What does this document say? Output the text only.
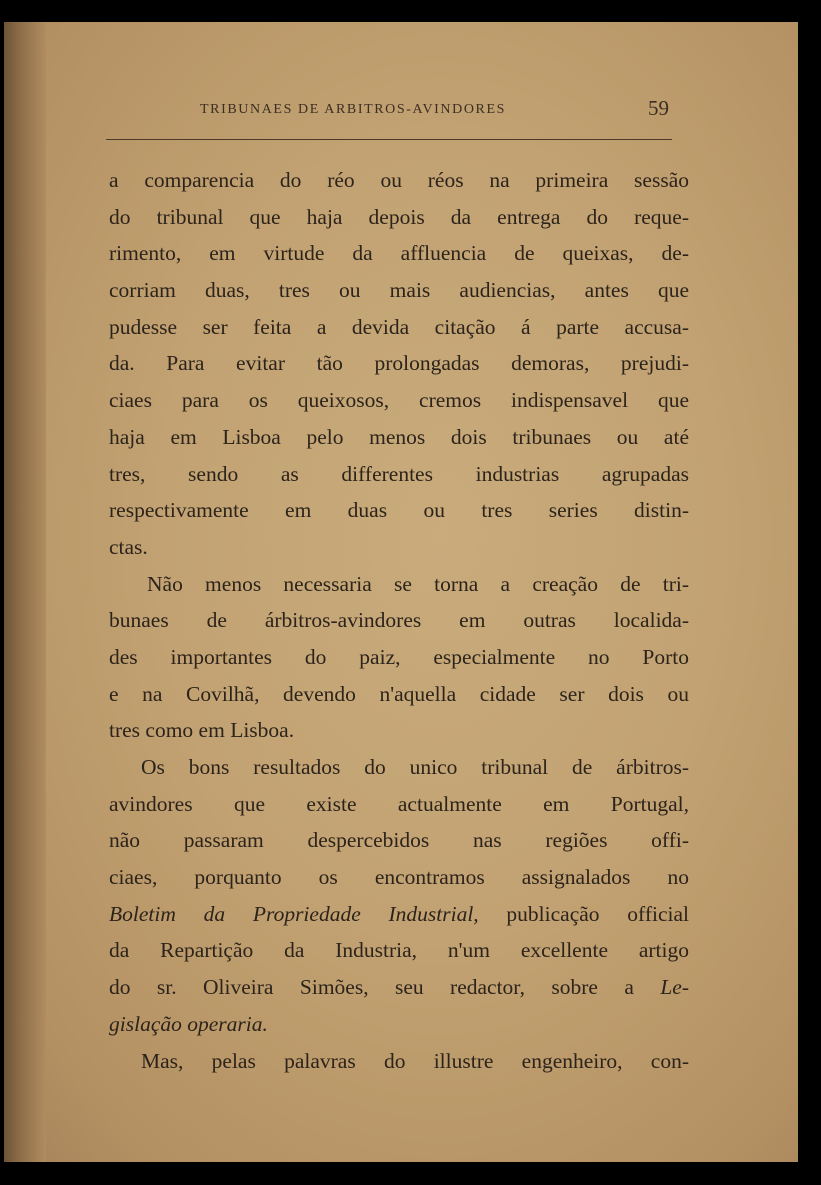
TRIBUNAES DE ARBITROS-AVINDORES	59
a comparencia do réo ou réos na primeira sessão
do tribunal que haja depois da entrega do reque-
rimento, em virtude da affluencia de queixas, de-
corriam duas, tres ou mais audiencias, antes que
pudesse ser feita a devida citação á parte accusa-
da. Para evitar tão prolongadas demoras, prejudi-
ciaes para os queixosos, cremos indispensavel que
haja em Lisboa pelo menos dois tribunaes ou até
tres, sendo as differentes industrias agrupadas
respectivamente em duas ou tres series distin-
ctas.
Não menos necessaria se torna a creação de tri-
bunaes de árbitros-avindores em outras localida-
des importantes do paiz, especialmente no Porto
e na Covilhã, devendo n'aquella cidade ser dois ou
tres como em Lisboa.
Os bons resultados do unico tribunal de árbitros-
avindores que existe actualmente em Portugal,
não passaram despercebidos nas regiões offi-
ciaes, porquanto os encontramos assignalados no
Boletim da Propriedade Industrial, publicação official
da Repartição da Industria, n'um excellente artigo
do sr. Oliveira Simões, seu redactor, sobre a Le-
gislação operaria.
Mas, pelas palavras do illustre engenheiro, con-
